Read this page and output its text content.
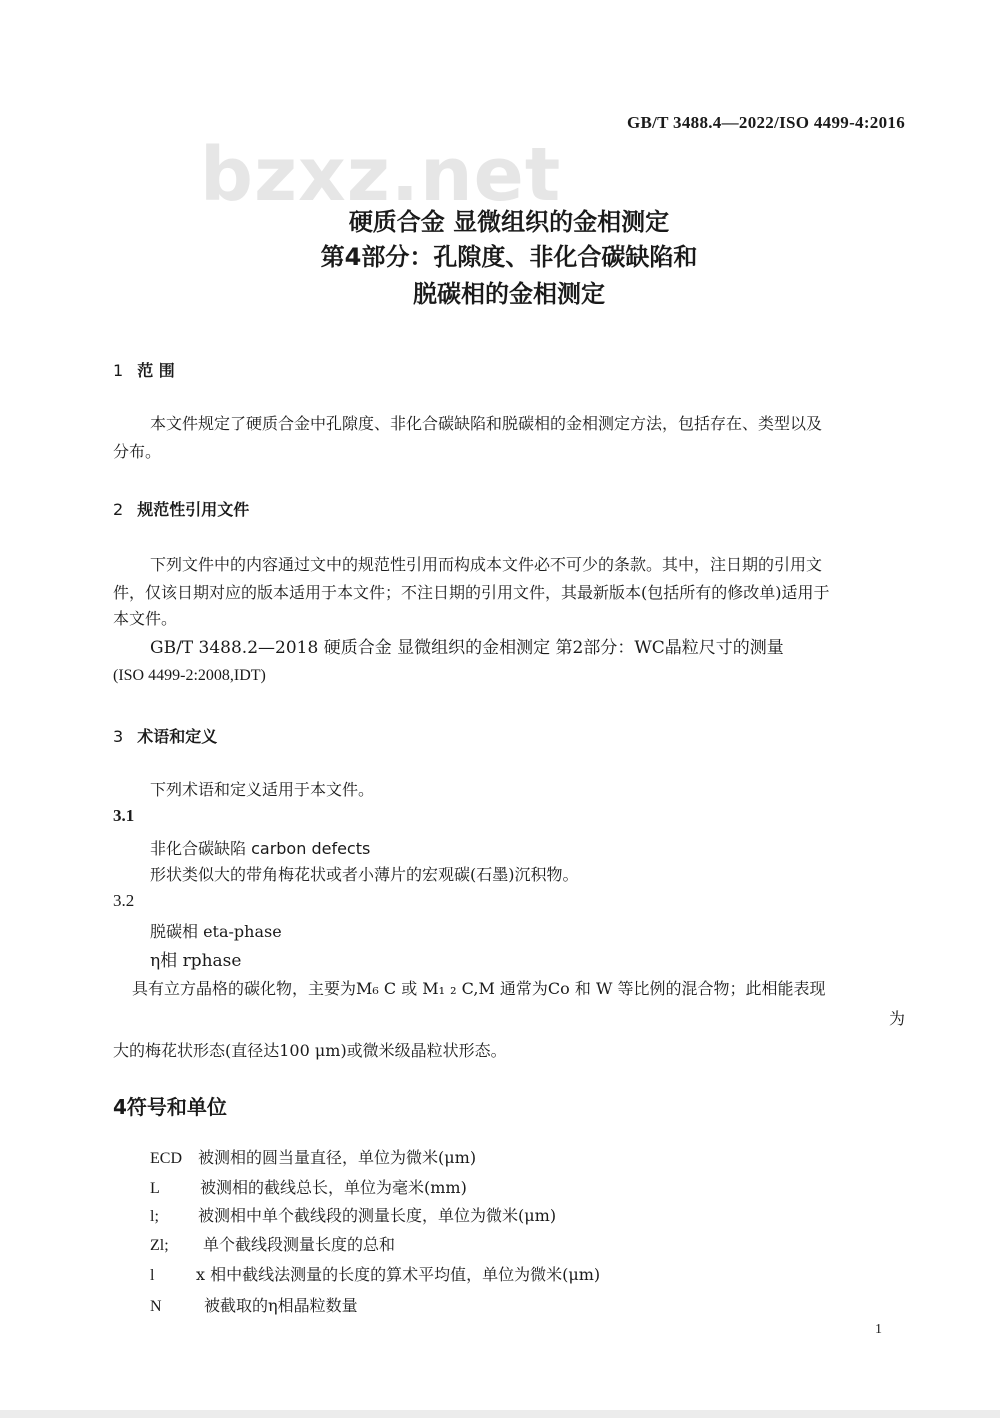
GB/T 3488.4—2022/ISO 4499-4:2016
bzxz.net
硬质合金 显微组织的金相测定
第4部分：孔隙度、非化合碳缺陷和
脱碳相的金相测定
1 范 围
本文件规定了硬质合金中孔隙度、非化合碳缺陷和脱碳相的金相测定方法，包括存在、类型以及
分布。
2 规范性引用文件
下列文件中的内容通过文中的规范性引用而构成本文件必不可少的条款。其中，注日期的引用文
件，仅该日期对应的版本适用于本文件；不注日期的引用文件，其最新版本(包括所有的修改单)适用于
本文件。
GB/T 3488.2—2018 硬质合金 显微组织的金相测定 第2部分：WC晶粒尺寸的测量
(ISO 4499-2:2008,IDT)
3 术语和定义
下列术语和定义适用于本文件。
3.1
非化合碳缺陷 carbon defects
形状类似大的带角梅花状或者小薄片的宏观碳(石墨)沉积物。
3.2
脱碳相 eta-phase
η相 rphase
具有立方晶格的碳化物，主要为M₆ C 或 M₁ ₂ C,M 通常为Co 和 W 等比例的混合物；此相能表现
为
大的梅花状形态(直径达100 μm)或微米级晶粒状形态。
4符号和单位
ECD 被测相的圆当量直径，单位为微米(μm)
L	被测相的截线总长，单位为毫米(mm)
l; 被测相中单个截线段的测量长度，单位为微米(μm)
Zl; 单个截线段测量长度的总和
l	x 相中截线法测量的长度的算术平均值，单位为微米(μm)
N	被截取的η相晶粒数量
1
